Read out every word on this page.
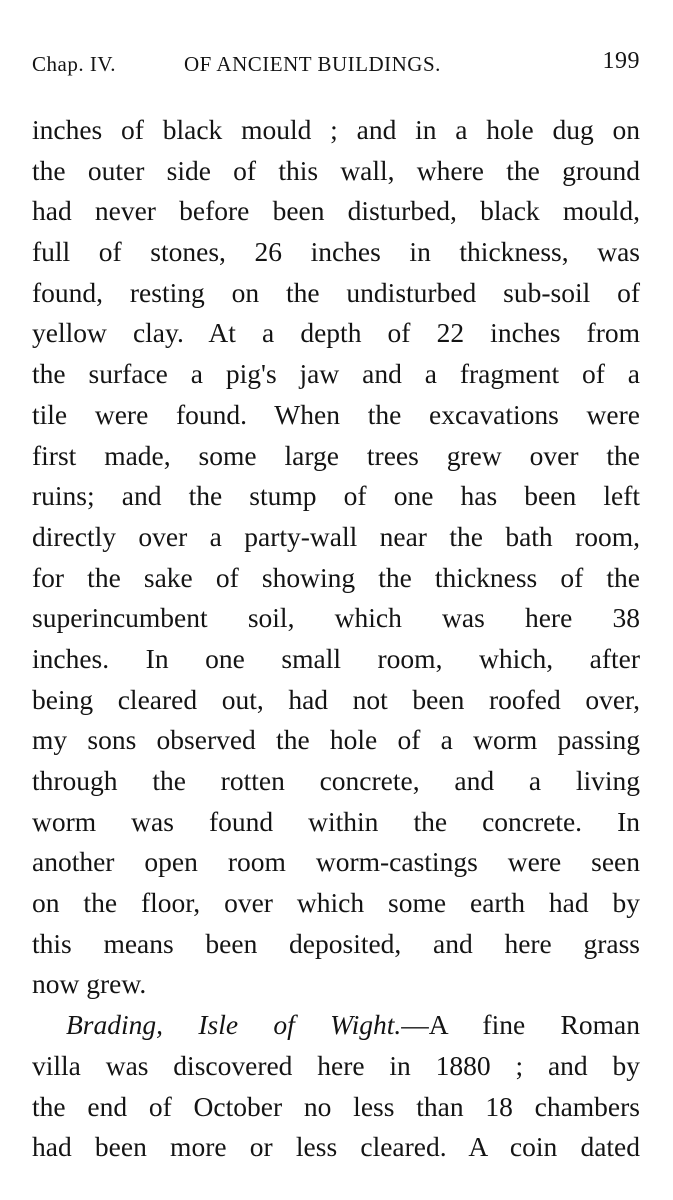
Chap. IV.	OF ANCIENT BUILDINGS.	199
inches of black mould ; and in a hole dug on
the outer side of this wall, where the ground
had never before been disturbed, black mould,
full of stones, 26 inches in thickness, was
found, resting on the undisturbed sub-soil of
yellow clay. At a depth of 22 inches from
the surface a pig's jaw and a fragment of a
tile were found. When the excavations were
first made, some large trees grew over the
ruins; and the stump of one has been left
directly over a party-wall near the bath room,
for the sake of showing the thickness of the
superincumbent soil, which was here 38
inches. In one small room, which, after
being cleared out, had not been roofed over,
my sons observed the hole of a worm passing
through the rotten concrete, and a living
worm was found within the concrete. In
another open room worm-castings were seen
on the floor, over which some earth had by
this means been deposited, and here grass
now grew.
Brading, Isle of Wight.—A fine Roman
villa was discovered here in 1880 ; and by
the end of October no less than 18 chambers
had been more or less cleared. A coin dated
